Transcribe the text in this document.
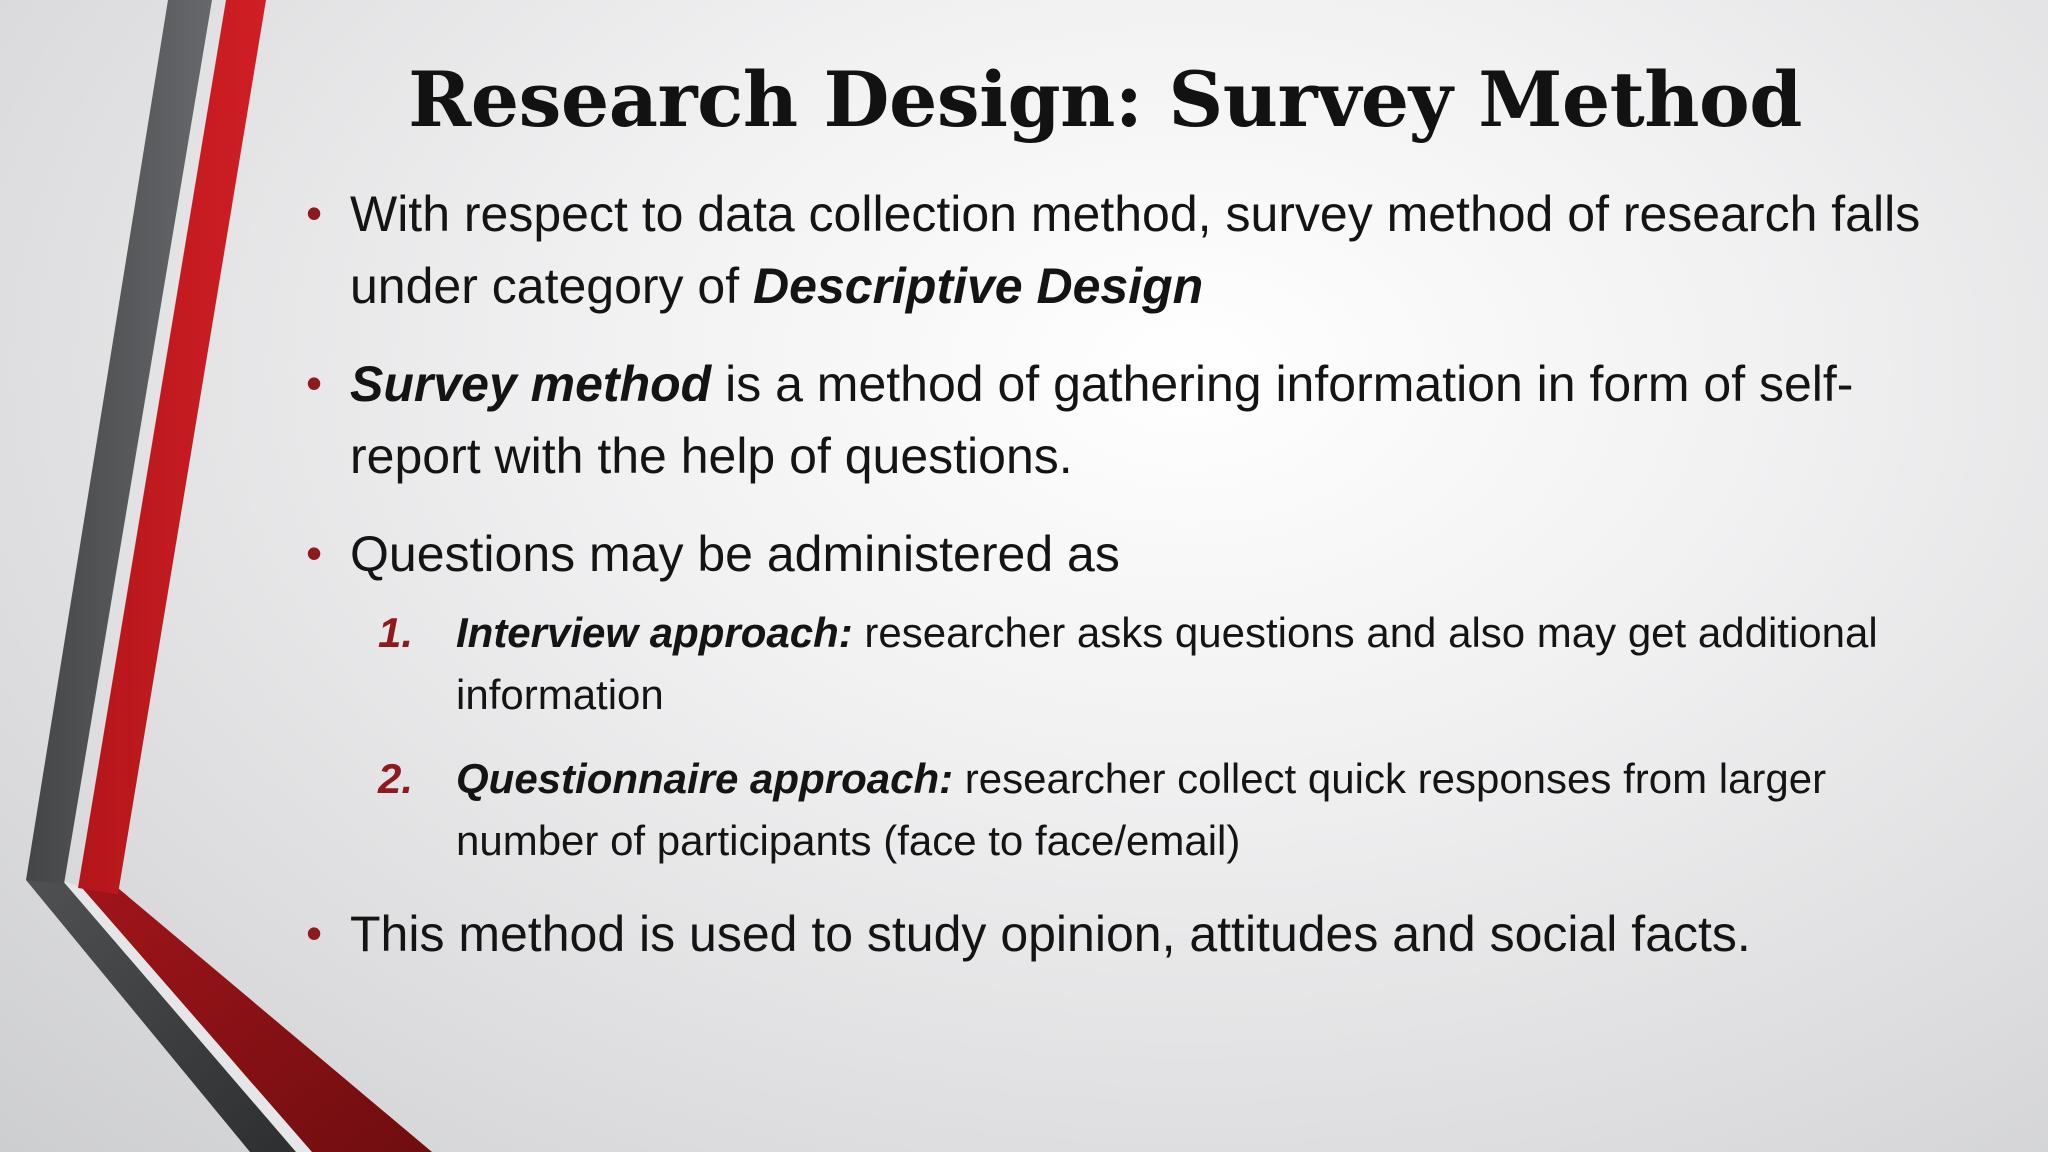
Research Design: Survey Method
• With respect to data collection method, survey method of research falls under category of Descriptive Design
• Survey method is a method of gathering information in form of self-report with the help of questions.
• Questions may be administered as
1. Interview approach: researcher asks questions and also may get additional information
2. Questionnaire approach: researcher collect quick responses from larger number of participants (face to face/email)
• This method is used to study opinion, attitudes and social facts.
